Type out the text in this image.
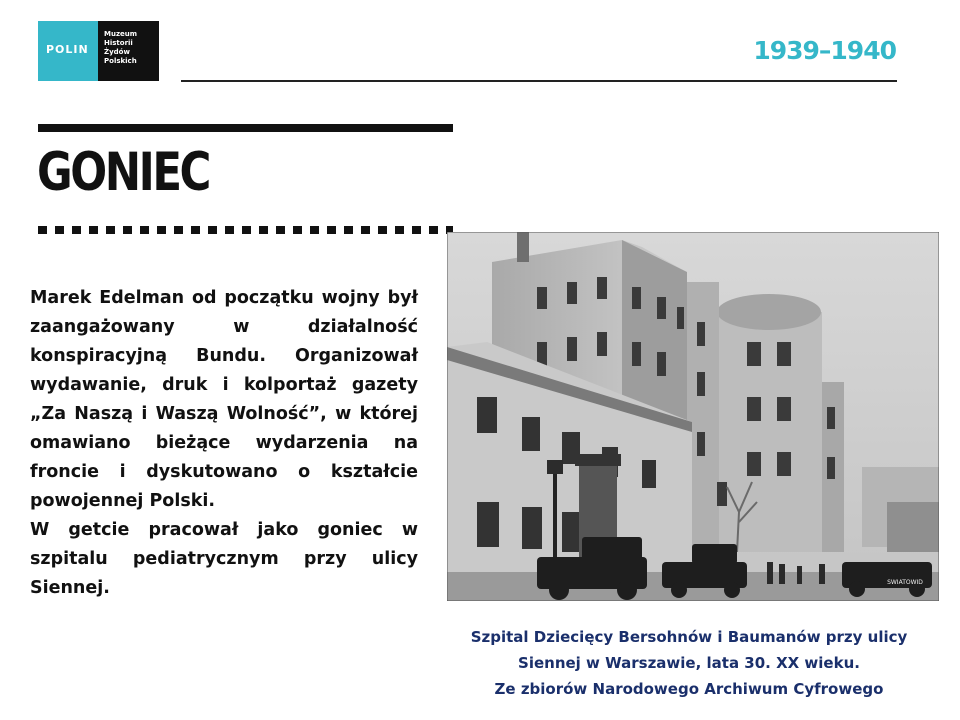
POLIN
Muzeum
Historii
Żydów
Polskich	1939–1940
GONIEC

Marek Edelman od początku wojny był zaangażowany w działalność konspiracyjną Bundu. Organizował wydawanie, druk i kolportaż gazety „Za Naszą i Waszą Wolność”, w której omawiano bieżące wydarzenia na froncie i dyskutowano o kształcie powojennej Polski.

W getcie pracował jako goniec w szpitalu pediatrycznym przy ulicy Siennej.	SWIATOWID
Szpital Dziecięcy Bersohnów i Baumanów przy ulicy
Siennej w Warszawie, lata 30. XX wieku.
Ze zbiorów Narodowego Archiwum Cyfrowego
